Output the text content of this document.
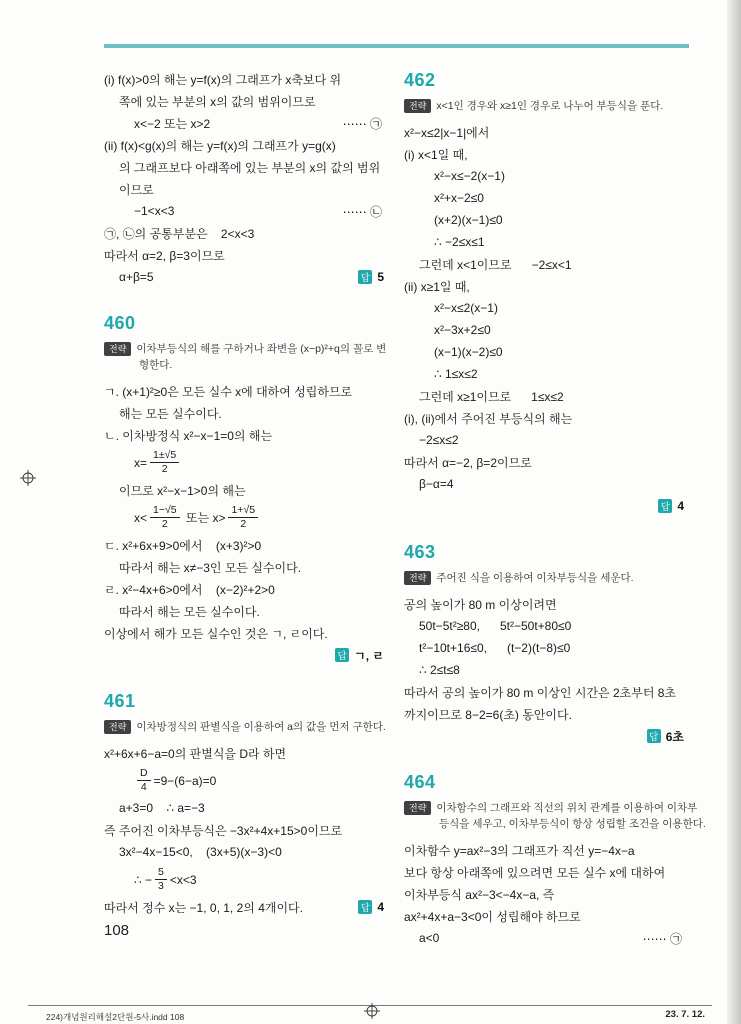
(i) f(x)>0의 해는 y=f(x)의 그래프가 x축보다 위
쪽에 있는 부분의 x의 값의 범위이므로
x<−2 또는 x>2	⋯⋯ ㉠
(ii) f(x)<g(x)의 해는 y=f(x)의 그래프가 y=g(x)
의 그래프보다 아래쪽에 있는 부분의 x의 값의 범위
이므로
−1<x<3	⋯⋯ ㉡
㉠, ㉡의 공통부분은    2<x<3
따라서 α=2, β=3이므로
α+β=5	답 5
460
전략 이차부등식의 해를 구하거나 좌변을 (x−p)²+q의 꼴로 변
형한다.
ㄱ. (x+1)²≥0은 모든 실수 x에 대하여 성립하므로
해는 모든 실수이다.
ㄴ. 이차방정식 x²−x−1=0의 해는
$x= \frac{1\pm√5}{2}$
이므로 x²−x−1>0의 해는
$x< \frac{1-√5}{2}$ 또는 $x> \frac{1+√5}{2}$
ㄷ. x²+6x+9>0에서    (x+3)²>0
따라서 해는 x≠−3인 모든 실수이다.
ㄹ. x²−4x+6>0에서    (x−2)²+2>0
따라서 해는 모든 실수이다.
이상에서 해가 모든 실수인 것은 ㄱ, ㄹ이다.
답 ㄱ, ㄹ
461
전략 이차방정식의 판별식을 이용하여 a의 값을 먼저 구한다.
x²+6x+6−a=0의 판별식을 D라 하면
$\frac{D}{4} =9-(6-a)=0$
a+3=0    ∴ a=−3
즉 주어진 이차부등식은 −3x²+4x+15>0이므로
3x²−4x−15<0,    (3x+5)(x−3)<0
∴ − $\frac{5}{3} <x<3$
따라서 정수 x는 −1, 0, 1, 2의 4개이다.	답 4
462
전략 x<1인 경우와 x≥1인 경우로 나누어 부등식을 푼다.
x²−x≤2|x−1|에서
(i) x<1일 때,
x²−x≤−2(x−1)
x²+x−2≤0
(x+2)(x−1)≤0
∴ −2≤x≤1
그런데 x<1이므로      −2≤x<1
(ii) x≥1일 때,
x²−x≤2(x−1)
x²−3x+2≤0
(x−1)(x−2)≤0
∴ 1≤x≤2
그런데 x≥1이므로      1≤x≤2
(i), (ii)에서 주어진 부등식의 해는
−2≤x≤2
따라서 α=−2, β=2이므로
β−α=4
답 4
463
전략 주어진 식을 이용하여 이차부등식을 세운다.
공의 높이가 80 m 이상이려면
50t−5t²≥80,      5t²−50t+80≤0
t²−10t+16≤0,      (t−2)(t−8)≤0
∴ 2≤t≤8
따라서 공의 높이가 80 m 이상인 시간은 2초부터 8초
까지이므로 8−2=6(초) 동안이다.
답 6초
464
전략 이차함수의 그래프와 직선의 위치 관계를 이용하여 이차부
등식을 세우고, 이차부등식이 항상 성립할 조건을 이용한다.
이차함수 y=ax²−3의 그래프가 직선 y=−4x−a
보다 항상 아래쪽에 있으려면 모든 실수 x에 대하여
이차부등식 ax²−3<−4x−a, 즉
ax²+4x+a−3<0이 성립해야 하므로
a<0	⋯⋯ ㉠
108
224)개념원리해설2단원-5사.indd 108	23. 7. 12.
